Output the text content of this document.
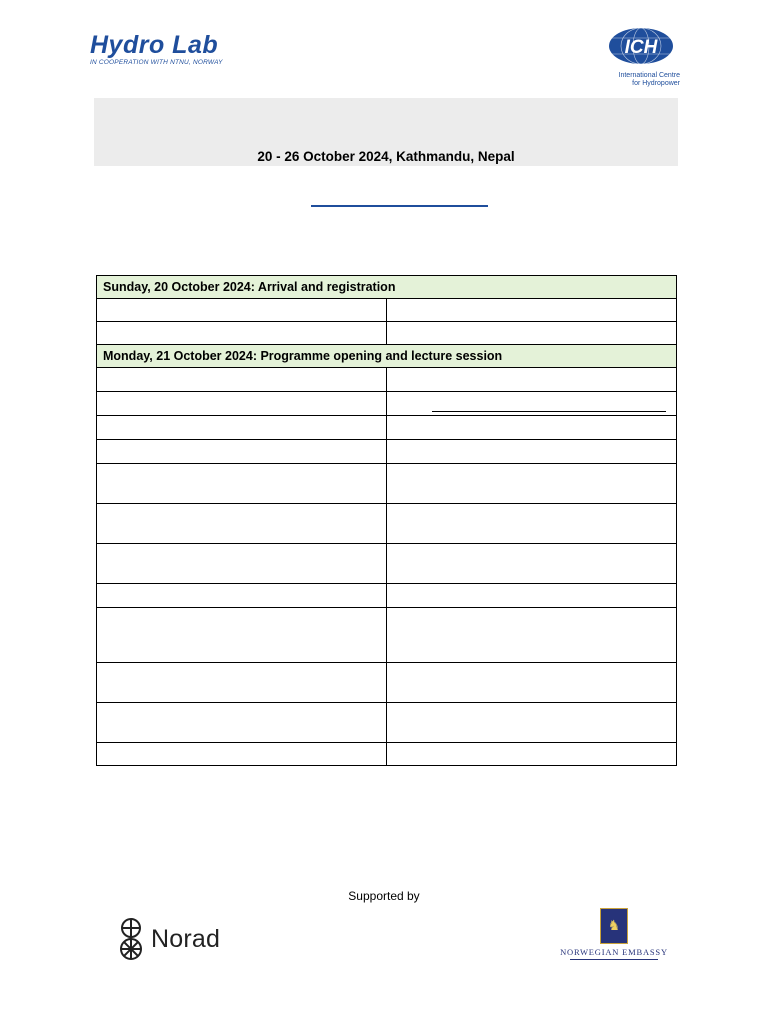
Hydro Lab
IN COOPERATION WITH NTNU, NORWAY
ICH
International Centre
for Hydropower
20 - 26 October 2024, Kathmandu, Nepal
Sunday, 20 October 2024: Arrival and registration	

Monday, 21 October 2024: Programme opening and lecture session	

Supported by
Norad	♞
NORWEGIAN EMBASSY
